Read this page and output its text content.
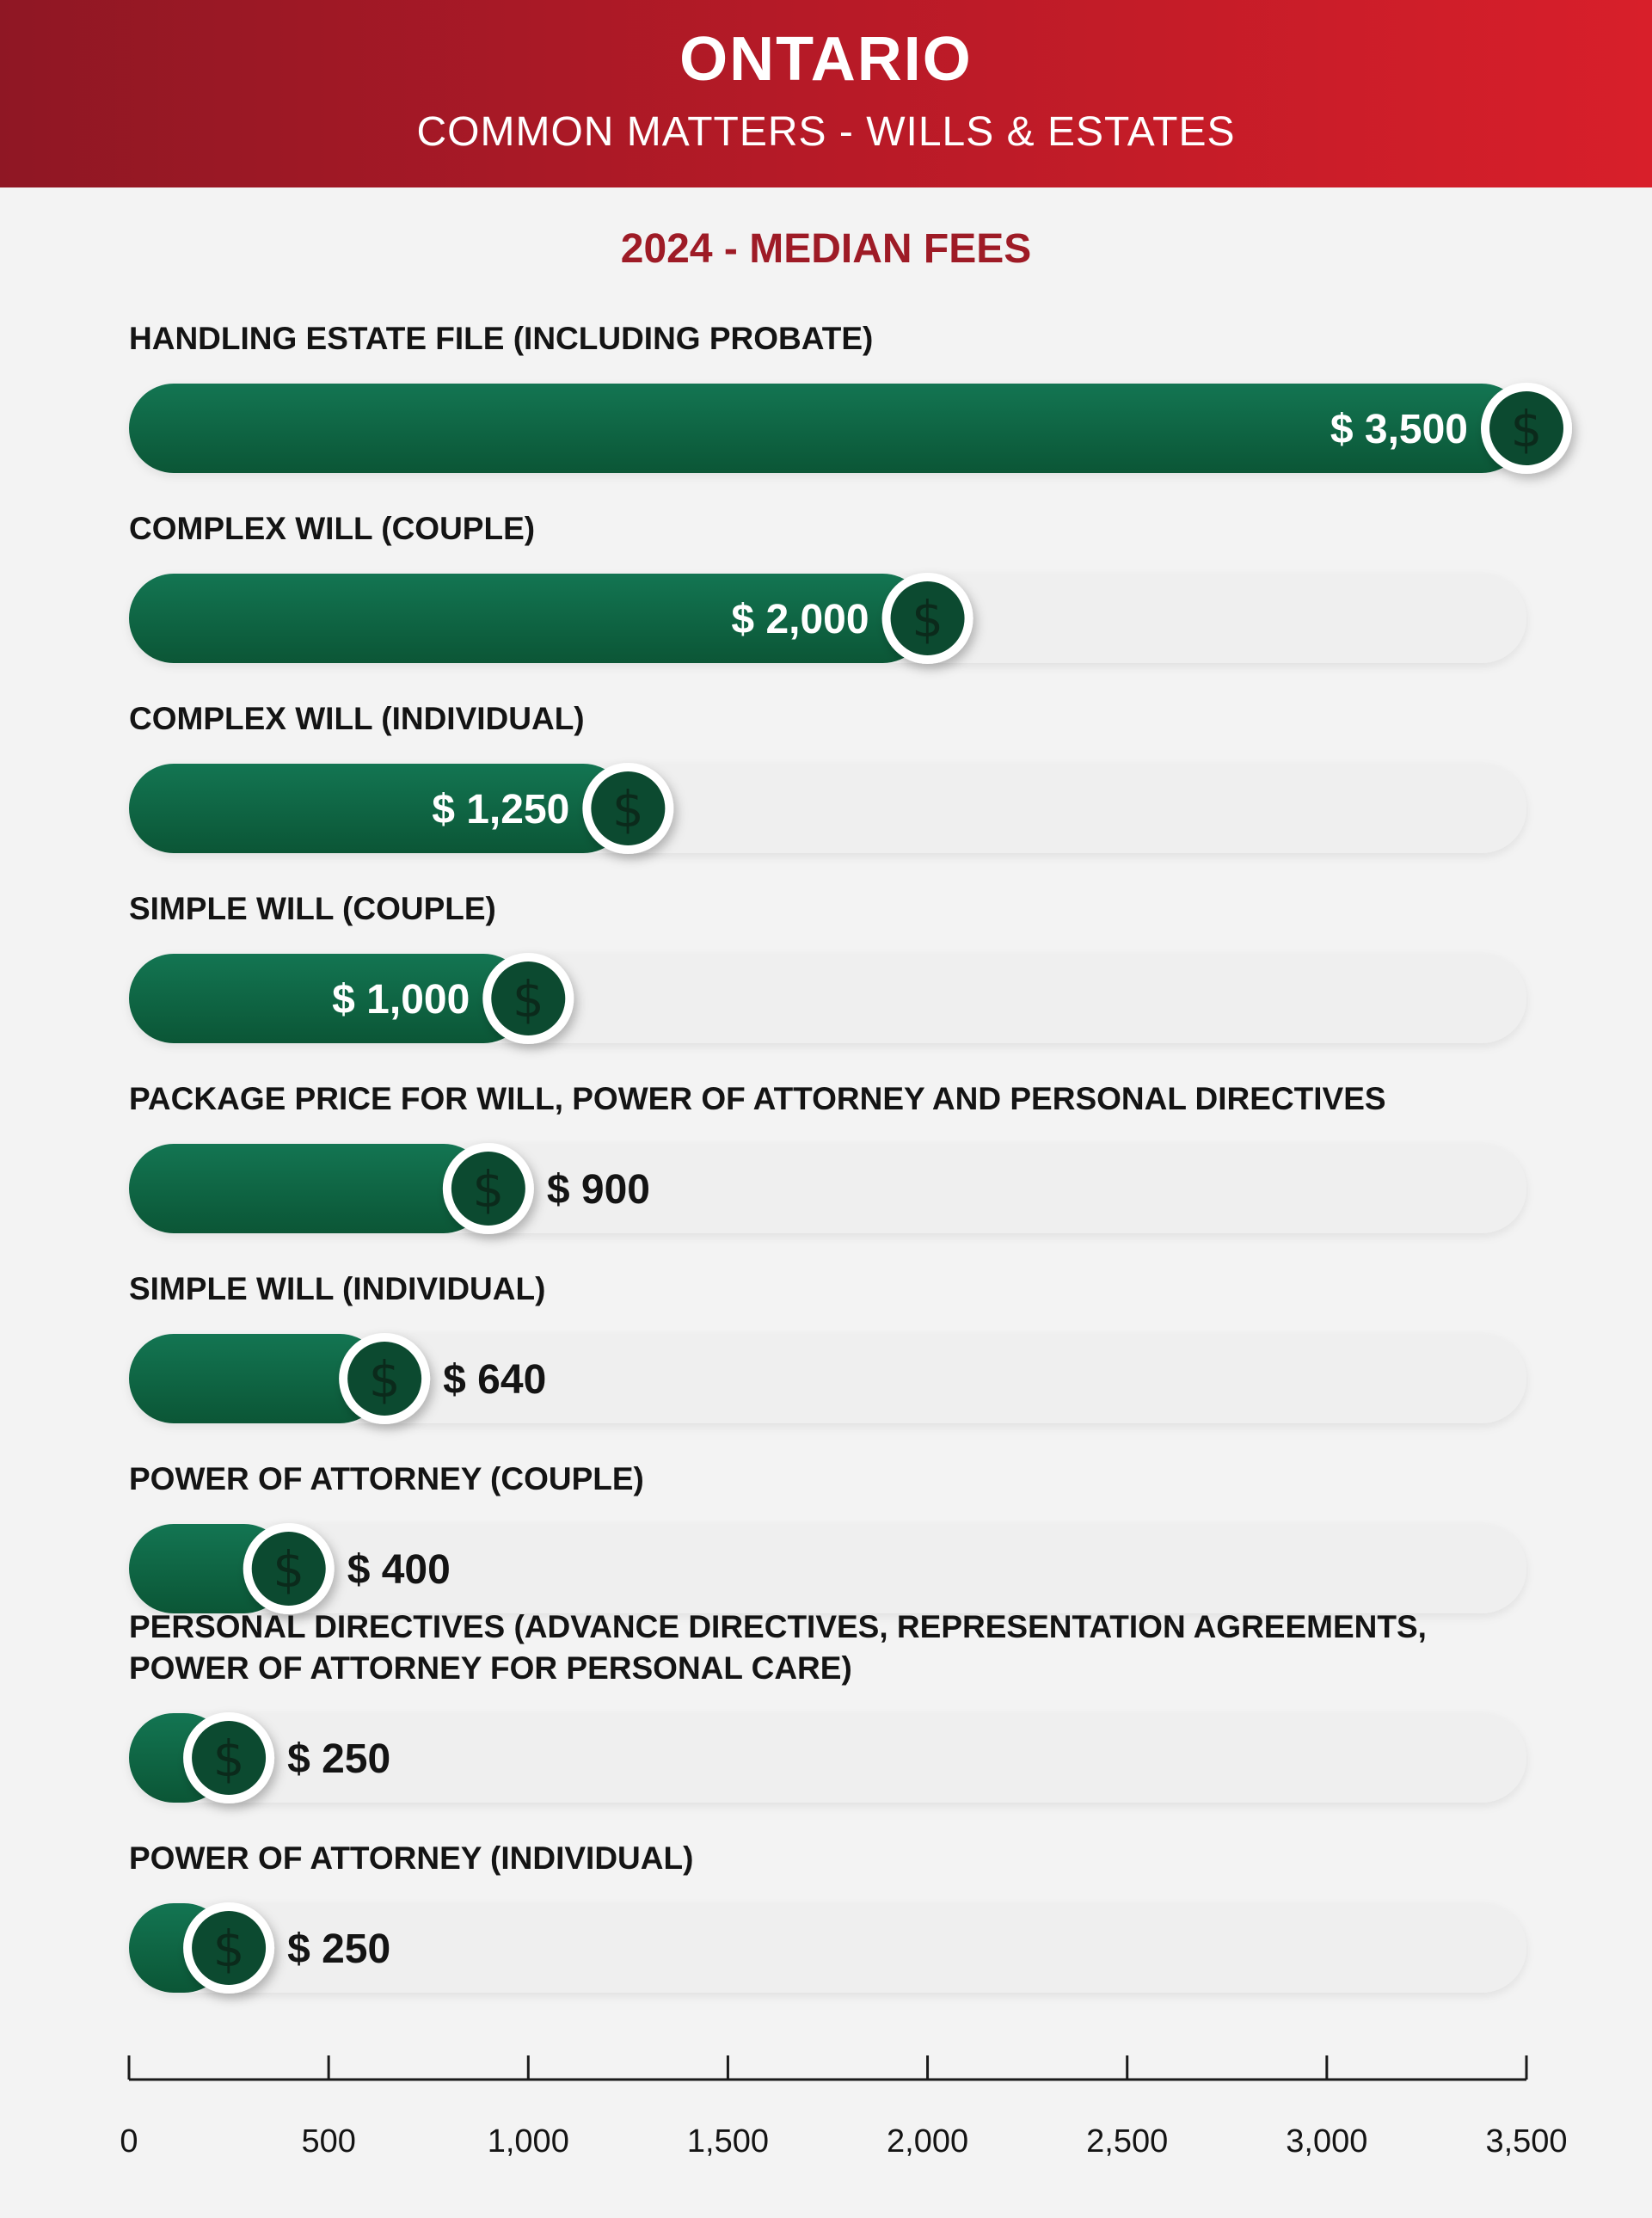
ONTARIO
COMMON MATTERS - WILLS & ESTATES
2024 - MEDIAN FEES
HANDLING ESTATE FILE (INCLUDING PROBATE)
$
$ 3,500
COMPLEX WILL (COUPLE)
$
$ 2,000
COMPLEX WILL (INDIVIDUAL)
$
$ 1,250
SIMPLE WILL (COUPLE)
$
$ 1,000
PACKAGE PRICE FOR WILL, POWER OF ATTORNEY AND PERSONAL DIRECTIVES
$ $ 900
SIMPLE WILL (INDIVIDUAL)
$ $ 640
POWER OF ATTORNEY (COUPLE)
$ $ 400
PERSONAL DIRECTIVES (ADVANCE DIRECTIVES, REPRESENTATION AGREEMENTS,
POWER OF ATTORNEY FOR PERSONAL CARE)
$ $ 250
POWER OF ATTORNEY (INDIVIDUAL)
$ $ 250
0	500	1,000	1,500	2,000	2,500	3,000	3,500
